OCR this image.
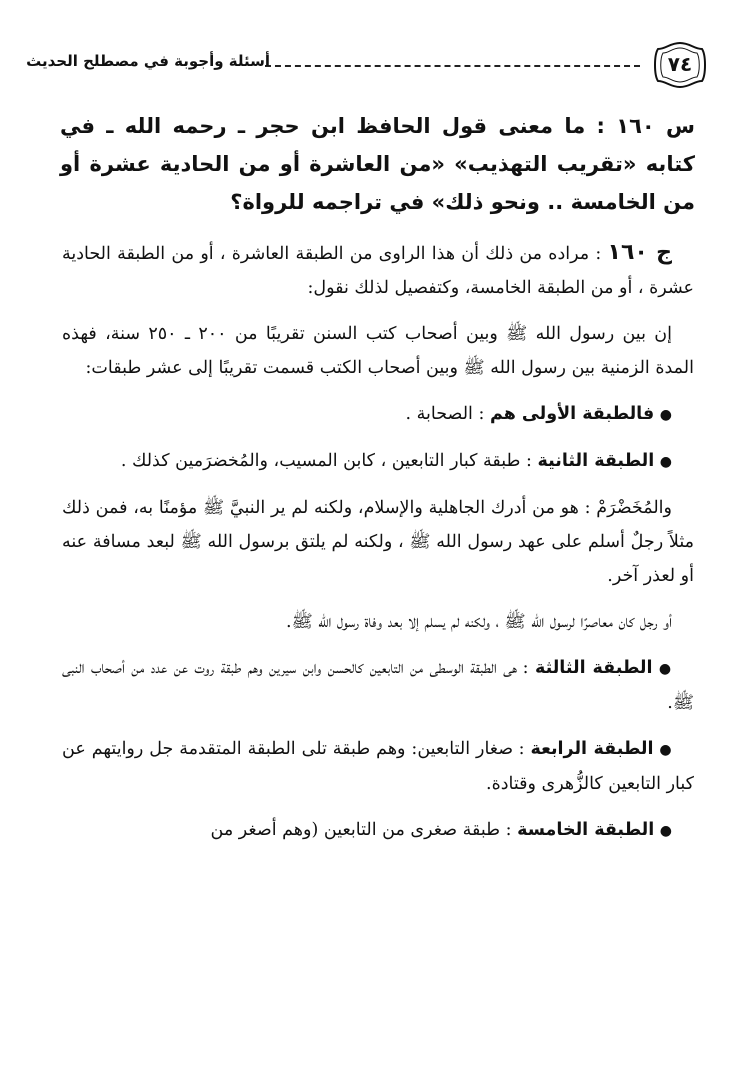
٧٤
أسئلة وأجوبة في مصطلح الحديث
س ١٦٠ : ما معنى قول الحافظ ابن حجر ـ رحمه الله ـ في كتابه «تقريب التهذيب» «من العاشرة أو من الحادية عشرة أو من الخامسة .. ونحو ذلك» في تراجمه للرواة؟

ج ١٦٠ : مراده من ذلك أن هذا الراوى من الطبقة العاشرة ، أو من الطبقة الحادية عشرة ، أو من الطبقة الخامسة، وكتفصيل لذلك نقول:

إن بين رسول الله ﷺ وبين أصحاب كتب السنن تقريبًا من ٢٠٠ ـ ٢٥٠ سنة، فهذه المدة الزمنية بين رسول الله ﷺ وبين أصحاب الكتب قسمت تقريبًا إلى عشر طبقات:

● فالطبقة الأولى هم : الصحابة .

● الطبقة الثانية : طبقة كبار التابعين ، كابن المسيب، والمُخضرَمين كذلك .

والمُخَضْرَمْ : هو من أدرك الجاهلية والإسلام، ولكنه لم ير النبيَّ ﷺ مؤمنًا به، فمن ذلك مثلاً رجلٌ أسلم على عهد رسول الله ﷺ ، ولكنه لم يلتق برسول الله ﷺ لبعد مسافة عنه أو لعذر آخر.

أو رجل كان معاصرًا لرسول الله ﷺ ، ولكنه لم يسلم إلا بعد وفاة رسول الله ﷺ.

● الطبقة الثالثة : هى الطبقة الوسطى من التابعين كالحسن وابن سيرين وهم طبقة روت عن عدد من أصحاب النبى ﷺ.

● الطبقة الرابعة : صغار التابعين: وهم طبقة تلى الطبقة المتقدمة جل روايتهم عن كبار التابعين كالزُّهرى وقتادة.

● الطبقة الخامسة : طبقة صغرى من التابعين (وهم أصغر من
